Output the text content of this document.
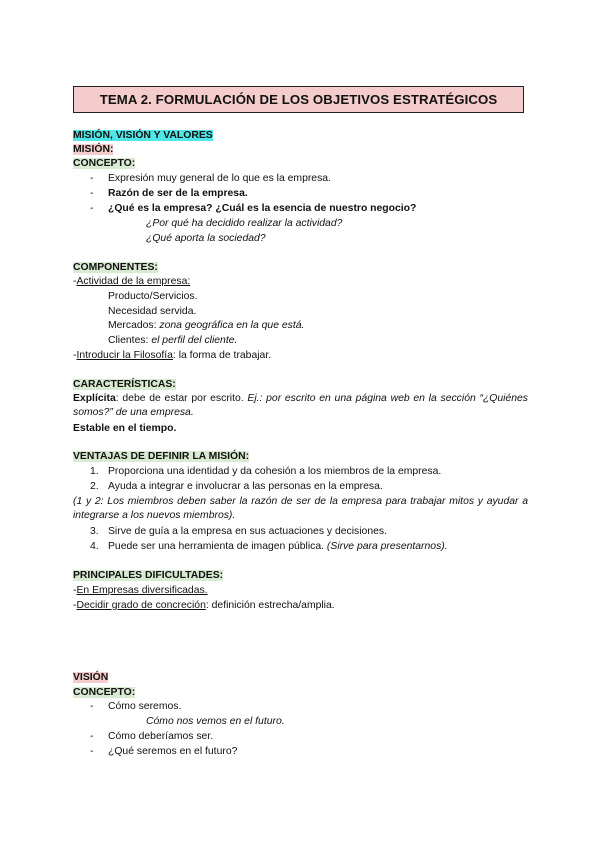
TEMA 2. FORMULACIÓN DE LOS OBJETIVOS ESTRATÉGICOS
MISIÓN, VISIÓN Y VALORES
MISIÓN:
CONCEPTO:
- Expresión muy general de lo que es la empresa.
- Razón de ser de la empresa.
- ¿Qué es la empresa? ¿Cuál es la esencia de nuestro negocio?
¿Por qué ha decidido realizar la actividad?
¿Qué aporta la sociedad?
COMPONENTES:
-Actividad de la empresa:
Producto/Servicios.
Necesidad servida.
Mercados: zona geográfica en la que está.
Clientes: el perfil del cliente.
-Introducir la Filosofía: la forma de trabajar.
CARACTERÍSTICAS:
Explícita: debe de estar por escrito. Ej.: por escrito en una página web en la sección “¿Quiénes somos?” de una empresa.
Estable en el tiempo.
VENTAJAS DE DEFINIR LA MISIÓN:
1. Proporciona una identidad y da cohesión a los miembros de la empresa.
2. Ayuda a integrar e involucrar a las personas en la empresa.
(1 y 2: Los miembros deben saber la razón de ser de la empresa para trabajar mitos y ayudar a integrarse a los nuevos miembros).
3. Sirve de guía a la empresa en sus actuaciones y decisiones.
4. Puede ser una herramienta de imagen pública. (Sirve para presentarnos).
PRINCIPALES DIFICULTADES:
-En Empresas diversificadas.
-Decidir grado de concreción: definición estrecha/amplia.
VISIÓN
CONCEPTO:
- Cómo seremos.
Cómo nos vemos en el futuro.
- Cómo deberíamos ser.
- ¿Qué seremos en el futuro?
